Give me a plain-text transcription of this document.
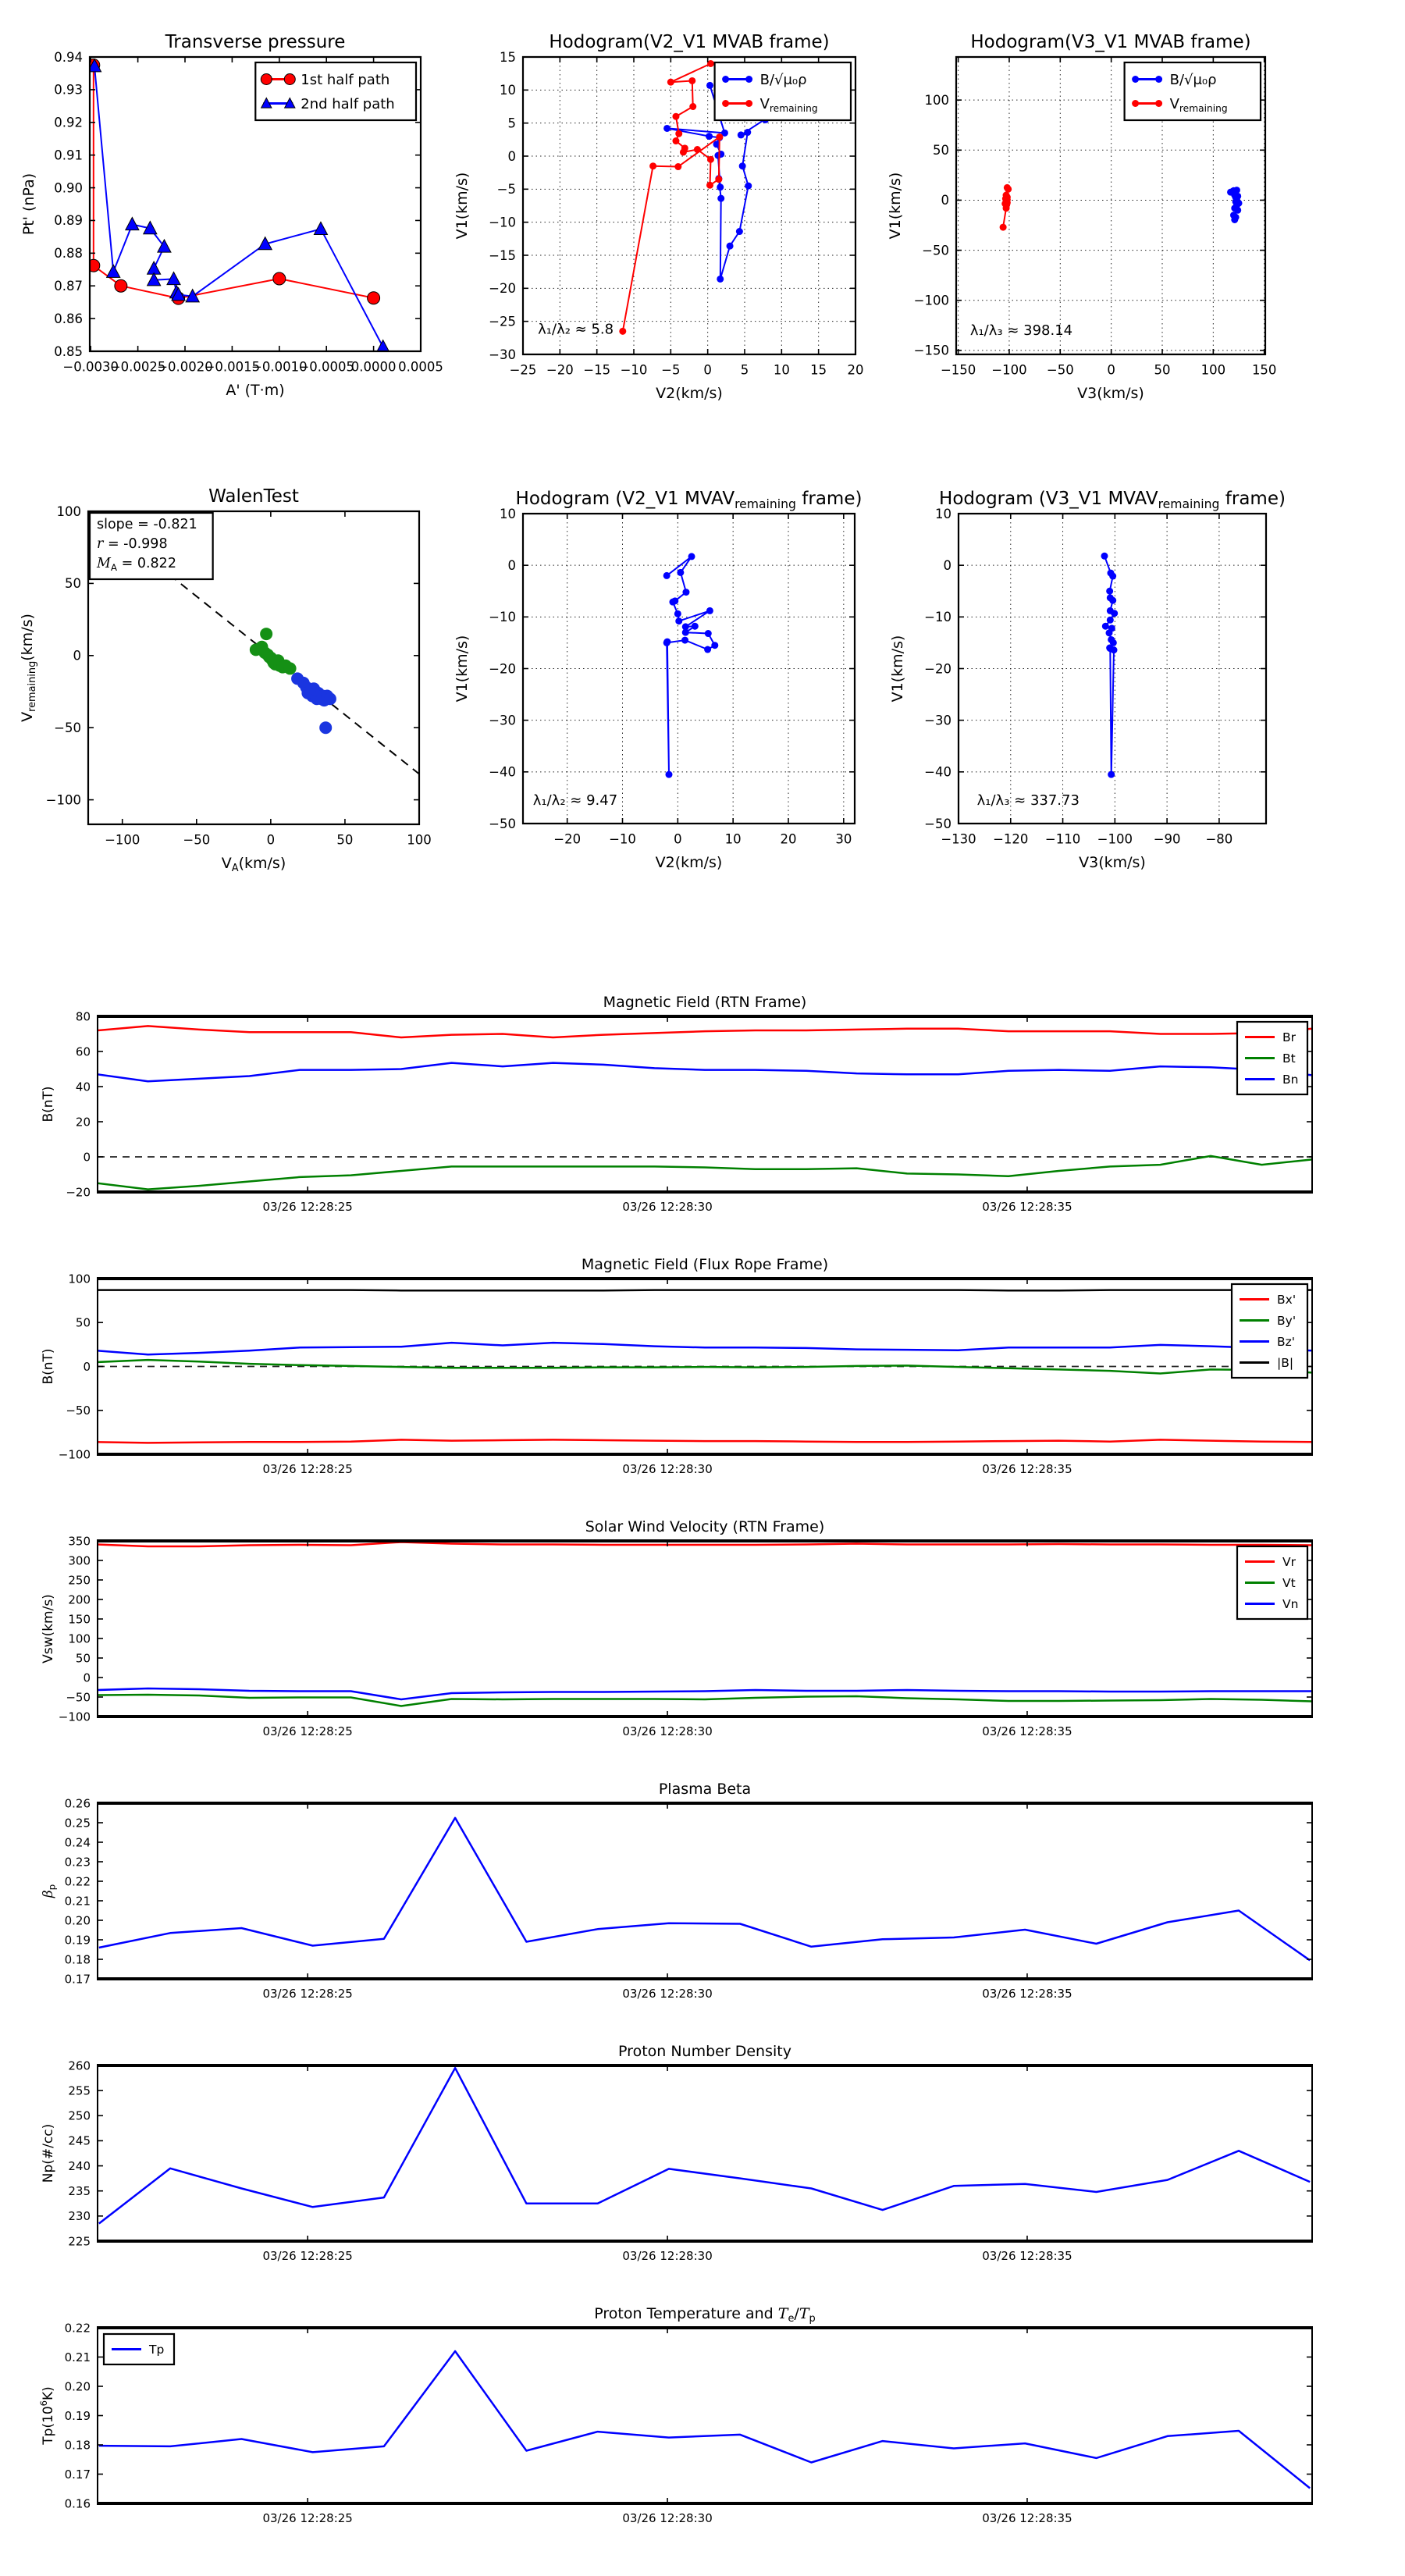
−0.0030
−0.0025
−0.0020
−0.0015
−0.0010
−0.0005
0.0000 0.0005
0.85
0.86
0.87
0.88
0.89
0.90
0.91
0.92
0.93
0.94
Transverse pressure
A' (T·m)
Pt' (nPa)
1st half path
2nd half path
−25 −20 −15 −10 −5 0 5 10 15 20
−30
−25
−20
−15
−10
−5
0
5
10
15
Hodogram(V2_V1 MVAB frame)
V2(km/s)
V1(km/s)
B/√μ₀ρ
$V_{remaining}$
λ₁/λ₂ ≈ 5.8
−150 −100 −50	0	50 100 150
−150
−100
−50
0
50
100
Hodogram(V3_V1 MVAB frame)
V3(km/s)
V1(km/s)
B/√μ₀ρ
$V_{remaining}$
λ₁/λ₃ ≈ 398.14
−100	−50	0	50	100
−100
−50
0
50
100
WalenTest
$V_A(km/s)$
$V_{remaining}(km/s)$
slope = -0.821
r = -0.998
$M_A = 0.822$
−20 −10	0	10	20	30
−50
−40
−30
−20
−10
0
10
Hodogram (V2_V1 $MVAV_{remaining}$ frame)
V2(km/s)
V1(km/s)
λ₁/λ₂ ≈ 9.47
−130 −120 −110 −100 −90 −80
−50
−40
−30
−20
−10
0
10
Hodogram (V3_V1 $MVAV_{remaining}$ frame)
V3(km/s)
V1(km/s)
λ₁/λ₃ ≈ 337.73
03/26 12:28:25	03/26 12:28:30	03/26 12:28:35
−20
0
20
40
60
80
Magnetic Field (RTN Frame)
B(nT)
Br
Bt
Bn
03/26 12:28:25	03/26 12:28:30	03/26 12:28:35
−100
−50
0
50
100
Magnetic Field (Flux Rope Frame)
B(nT)
Bx'
By'
Bz'
|B|
03/26 12:28:25	03/26 12:28:30	03/26 12:28:35
−100
−50
0
50
100
150
200
250
300
350
Solar Wind Velocity (RTN Frame)
Vsw(km/s)
Vr
Vt
Vn
03/26 12:28:25	03/26 12:28:30	03/26 12:28:35
0.17
0.18
0.19
0.20
0.21
0.22
0.23
0.24
0.25
0.26
Plasma Beta
$\beta_p$
03/26 12:28:25	03/26 12:28:30	03/26 12:28:35
225
230
235
240
245
250
255
260
Proton Number Density
Np(#/cc)
03/26 12:28:25	03/26 12:28:30	03/26 12:28:35
0.16
0.17
0.18
0.19
0.20
0.21
0.22
Proton Temperature and $T_e/T_p$
$Tp(10^6K)$
Tp
